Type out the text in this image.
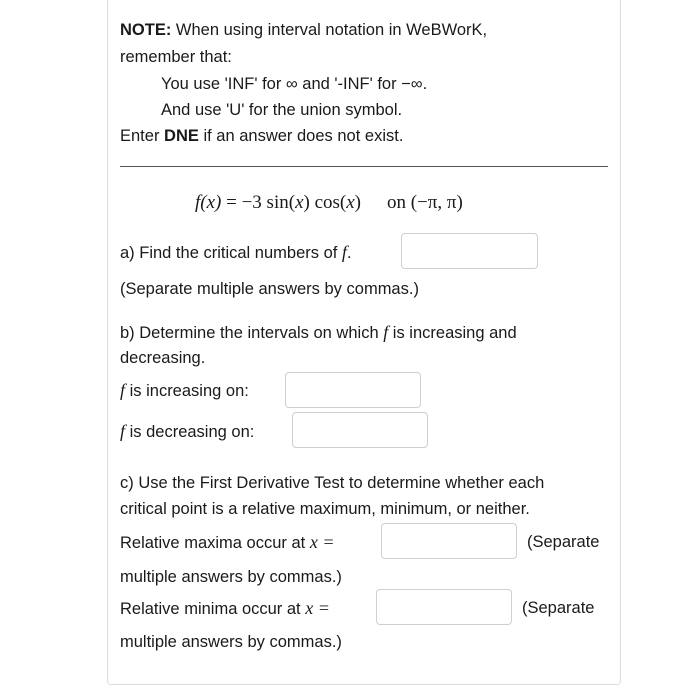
NOTE: When using interval notation in WeBWorK,
remember that:
You use 'INF' for ∞ and '-INF' for −∞.
And use 'U' for the union symbol.
Enter DNE if an answer does not exist.
f(x) = −3 sin(x) cos(x) on (−π, π)
a) Find the critical numbers of f.
(Separate multiple answers by commas.)
b) Determine the intervals on which f is increasing and
decreasing.
f is increasing on:
f is decreasing on:
c) Use the First Derivative Test to determine whether each
critical point is a relative maximum, minimum, or neither.
Relative maxima occur at x =	(Separate
multiple answers by commas.)
Relative minima occur at x =	(Separate
multiple answers by commas.)
